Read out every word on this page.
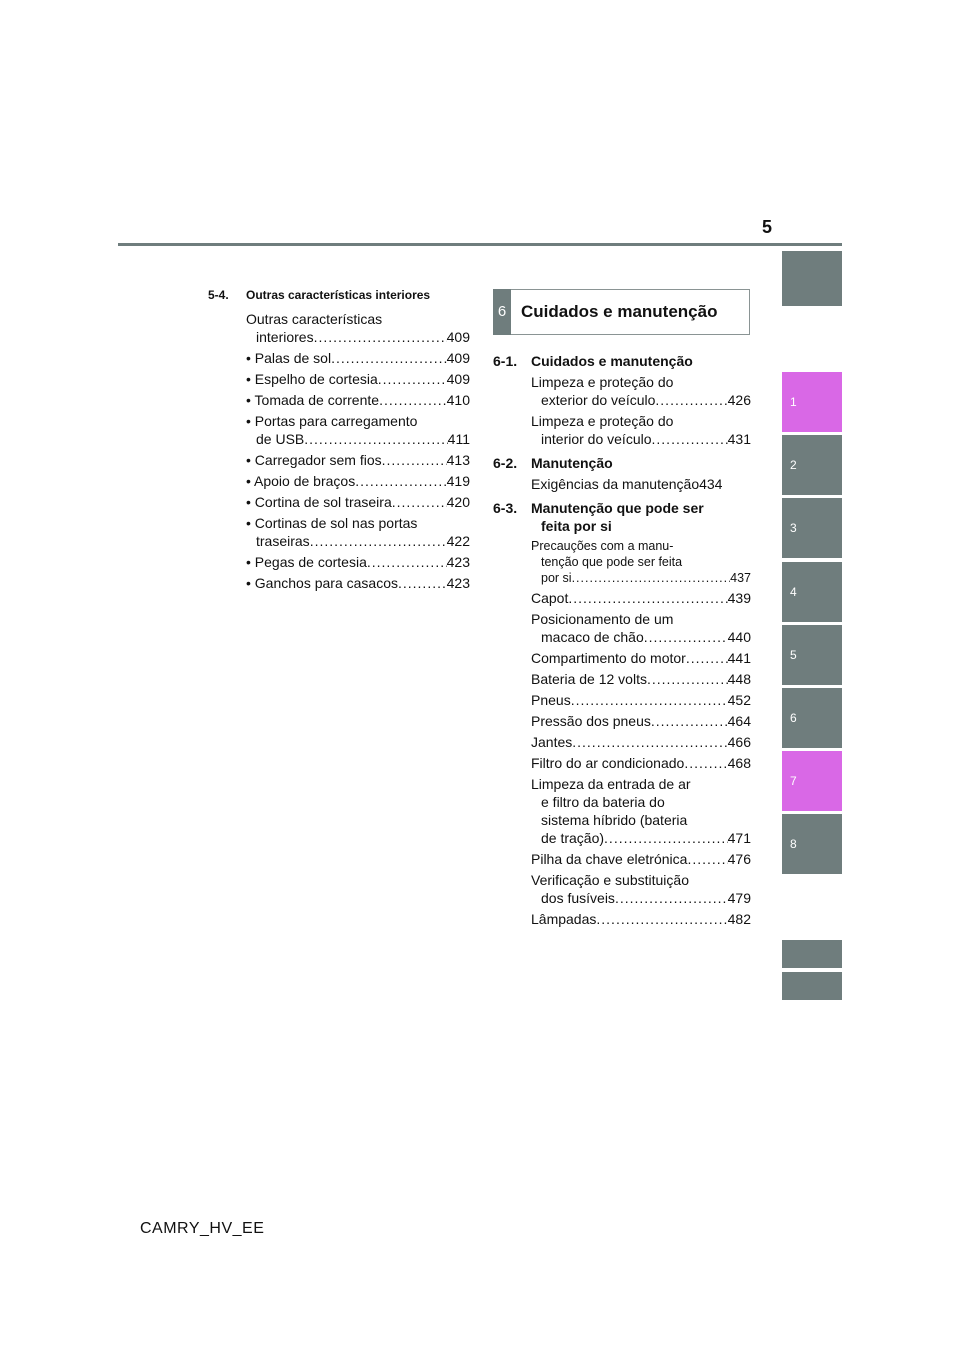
5
1
2
3
4
5
6
7
8
5-4.	Outras características interiores
Outras características
interiores .....	409
• Palas de sol .....	409
• Espelho de cortesia .....	409
• Tomada de corrente .....	410
• Portas para carregamento
de USB .....	411
• Carregador sem fios .....	413
• Apoio de braços .....	419
• Cortina de sol traseira .....	420
• Cortinas de sol nas portas
traseiras .....	422
• Pegas de cortesia .....	423
• Ganchos para casacos .....	423
6 Cuidados e manutenção
6-1. Cuidados e manutenção
Limpeza e proteção do
exterior do veículo .....	426
Limpeza e proteção do
interior do veículo .....	431
6-2. Manutenção
Exigências da manutenção 434
6-3. Manutenção que pode ser
feita por si
Precauções com a manu-
tenção que pode ser feita
por si .....	437
Capot .....	439
Posicionamento de um
macaco de chão .....	440
Compartimento do motor .....	441
Bateria de 12 volts .....	448
Pneus .....	452
Pressão dos pneus .....	464
Jantes .....	466
Filtro do ar condicionado .....	468
Limpeza da entrada de ar
e filtro da bateria do
sistema híbrido (bateria
de tração) .....	471
Pilha da chave eletrónica .....	476
Verificação e substituição
dos fusíveis .....	479
Lâmpadas .....	482
CAMRY_HV_EE
